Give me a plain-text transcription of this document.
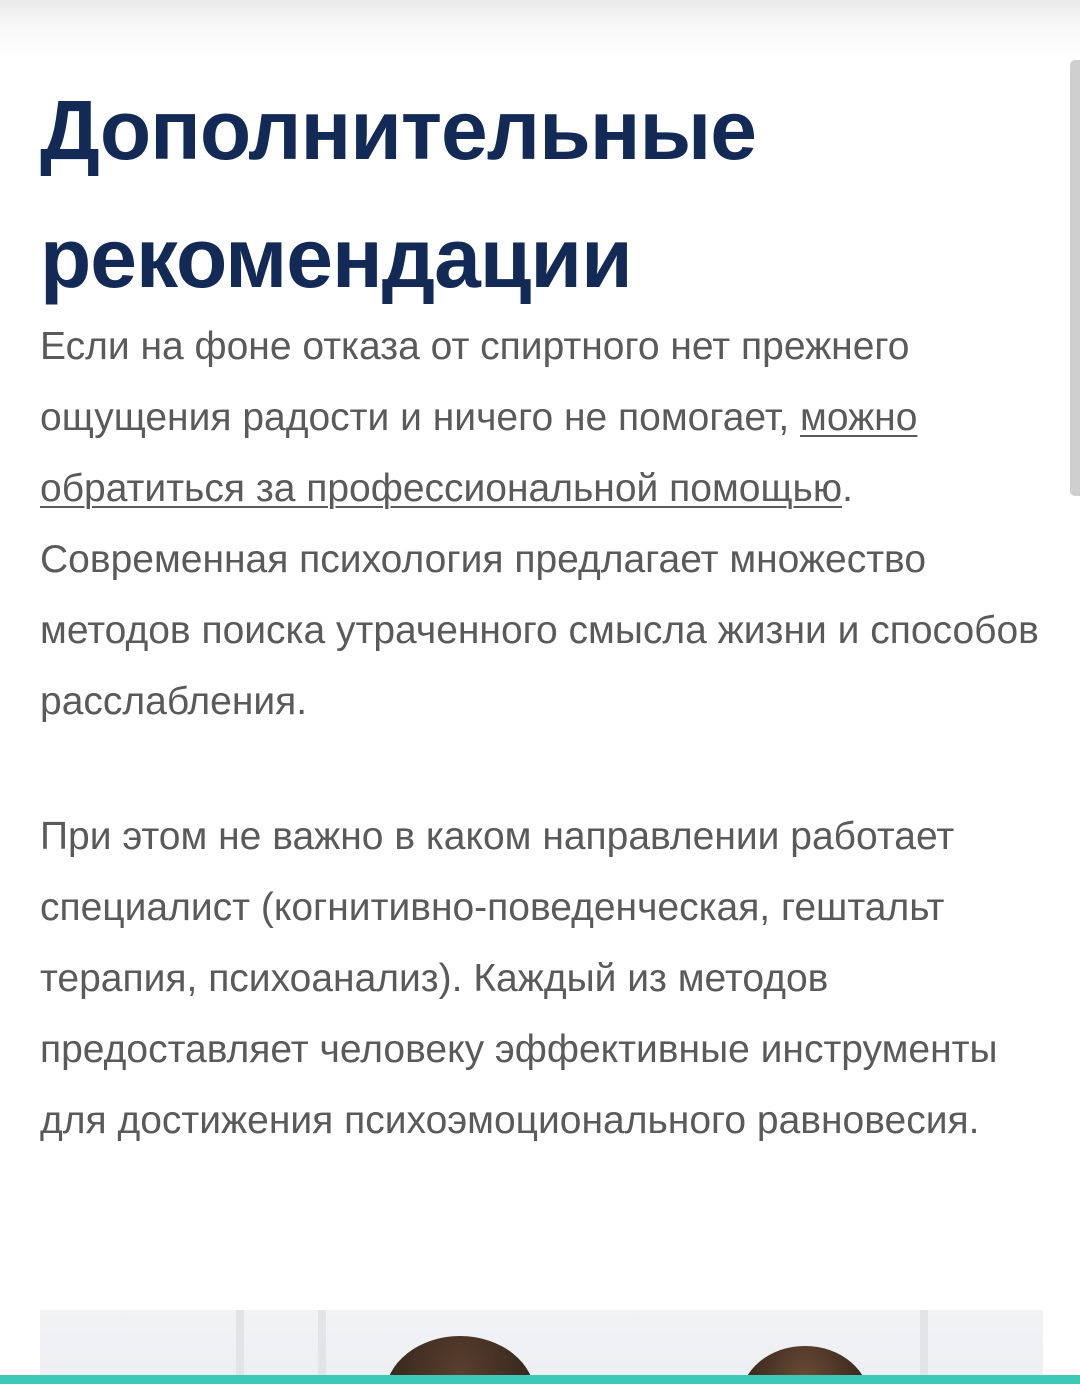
Дополнительные рекомендации

Если на фоне отказа от спиртного нет прежнего ощущения радости и ничего не помогает, можно обратиться за профессиональной помощью. Современная психология предлагает множество методов поиска утраченного смысла жизни и способов расслабления.

При этом не важно в каком направлении работает специалист (когнитивно-поведенческая, гештальт терапия, психоанализ). Каждый из методов предоставляет человеку эффективные инструменты для достижения психоэмоционального равновесия.
